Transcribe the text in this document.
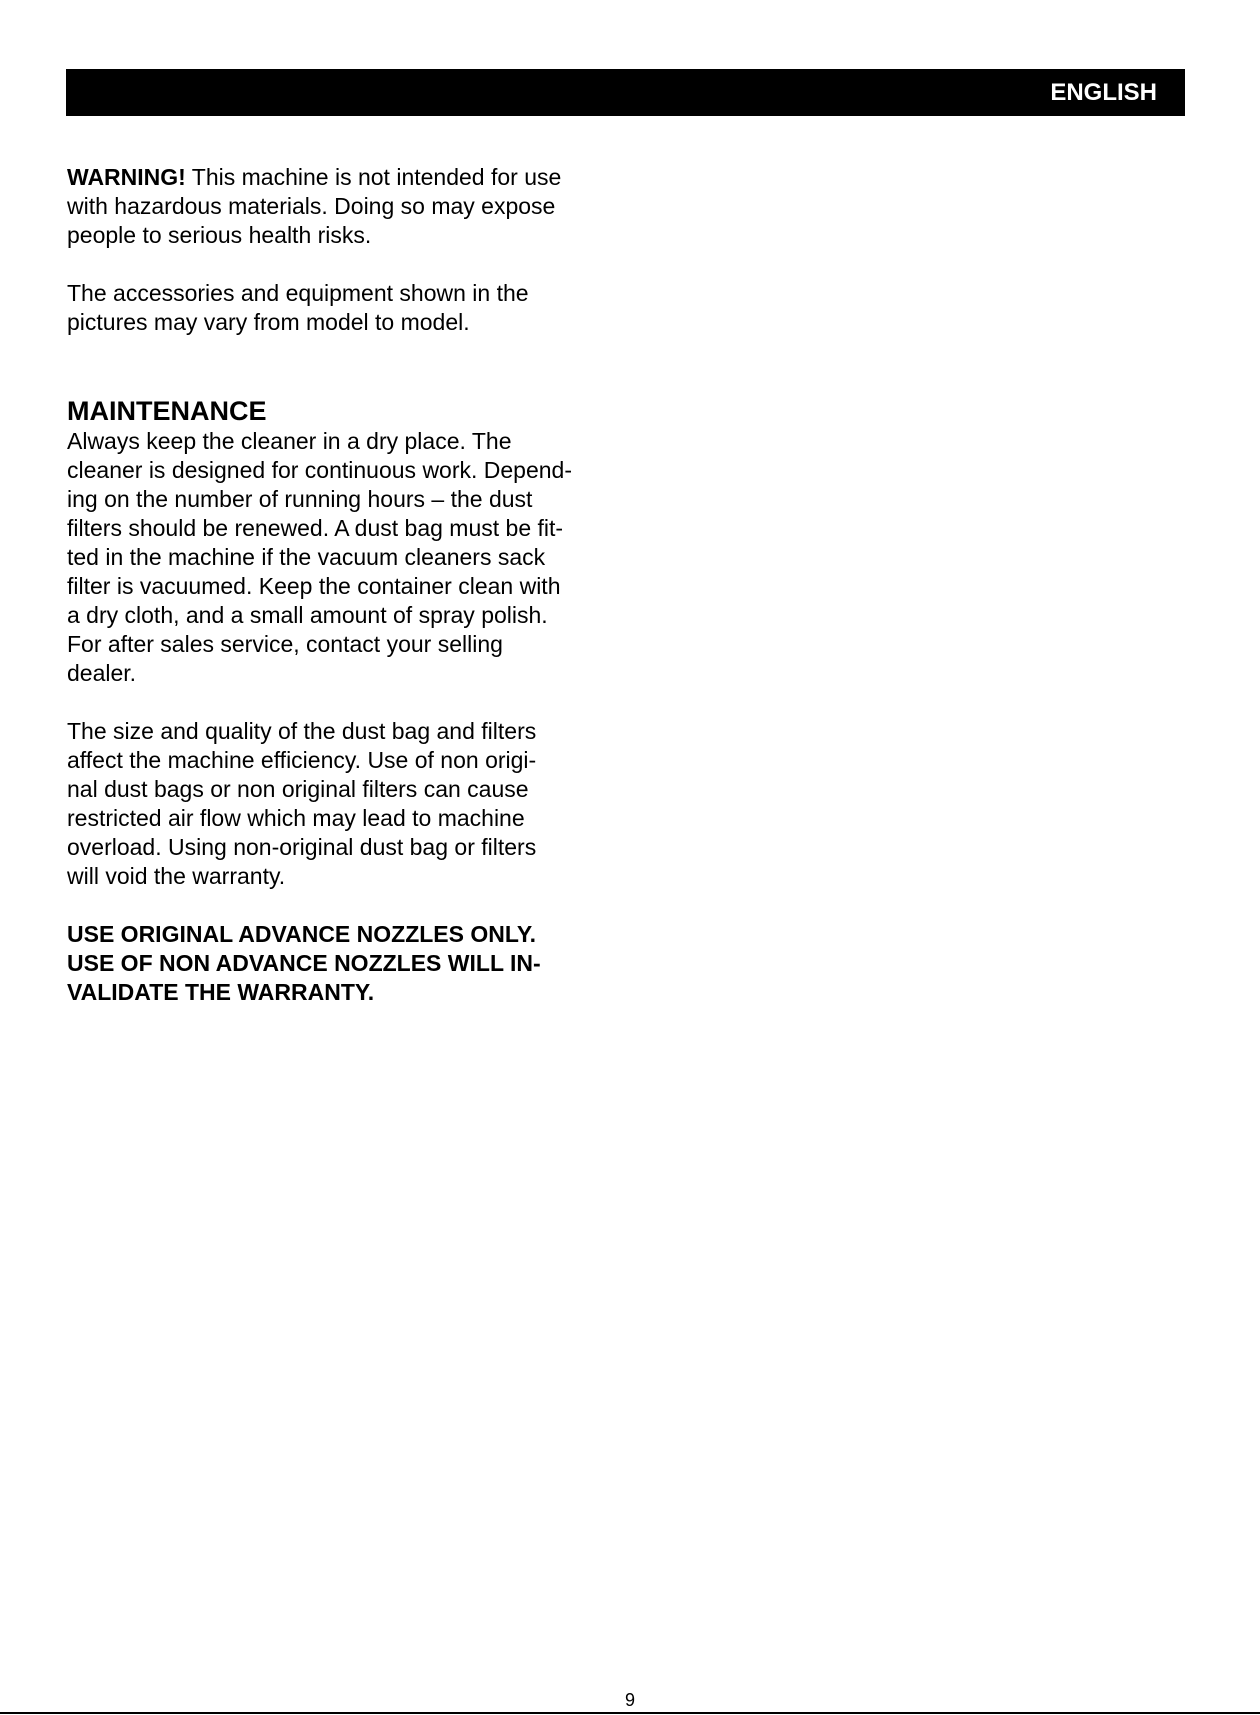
ENGLISH

WARNING! This machine is not intended for use
with hazardous materials. Doing so may expose
people to serious health risks.

The accessories and equipment shown in the
pictures may vary from model to model.

MAINTENANCE

Always keep the cleaner in a dry place. The
cleaner is designed for continuous work. Depend-
ing on the number of running hours – the dust
filters should be renewed. A dust bag must be fit-
ted in the machine if the vacuum cleaners sack
filter is vacuumed. Keep the container clean with
a dry cloth, and a small amount of spray polish.
For after sales service, contact your selling
dealer.

The size and quality of the dust bag and filters
affect the machine efficiency. Use of non origi-
nal dust bags or non original filters can cause
restricted air flow which may lead to machine
overload. Using non-original dust bag or filters
will void the warranty.

USE ORIGINAL ADVANCE NOZZLES ONLY.
USE OF NON ADVANCE NOZZLES WILL IN-
VALIDATE THE WARRANTY.

9
